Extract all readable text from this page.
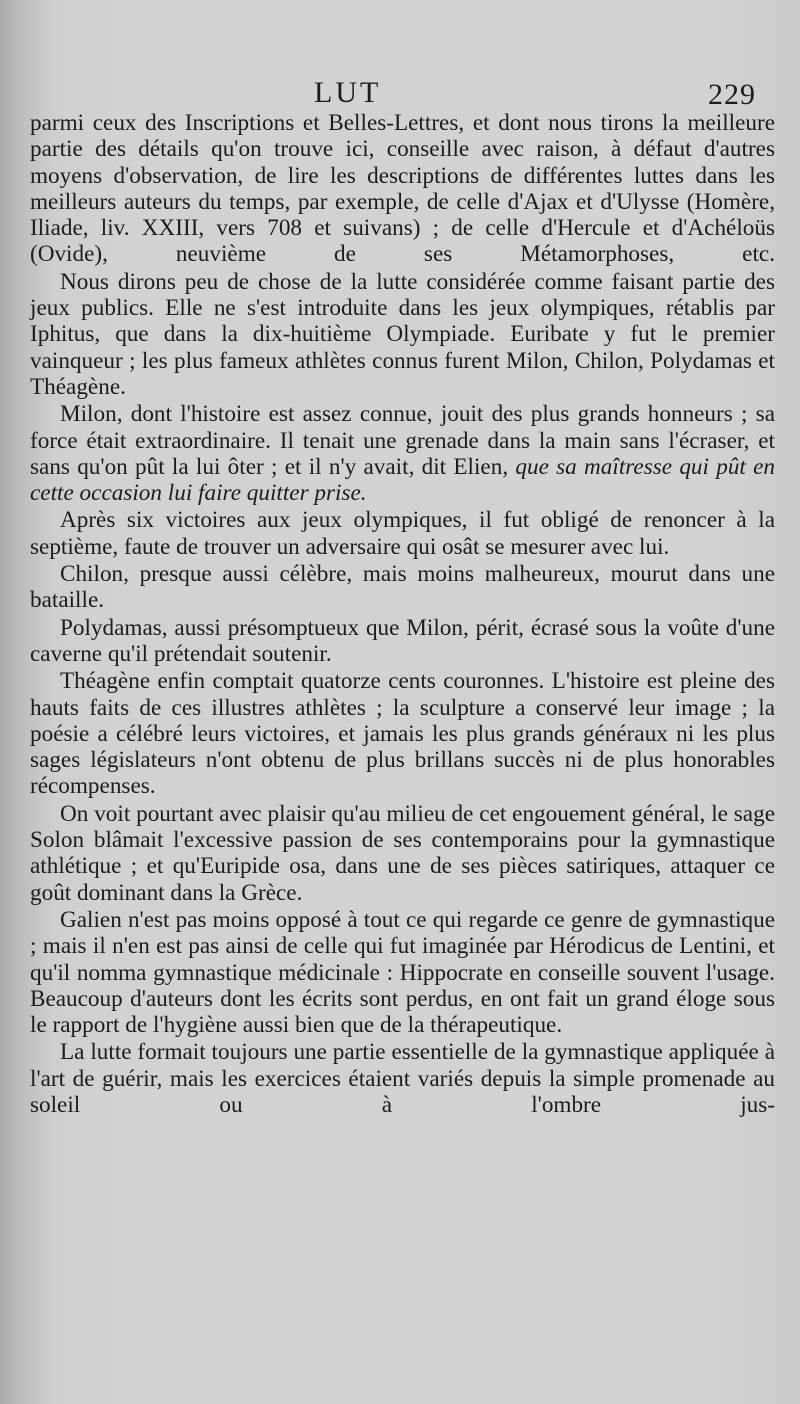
LUT	229

parmi ceux des Inscriptions et Belles-Lettres, et dont nous tirons la meilleure partie des détails qu'on trouve ici, conseille avec raison, à défaut d'autres moyens d'observation, de lire les descriptions de différentes luttes dans les meilleurs auteurs du temps, par exemple, de celle d'Ajax et d'Ulysse (Homère, Iliade, liv. XXIII, vers 708 et suivans) ; de celle d'Hercule et d'Achéloüs (Ovide), neuvième de ses Métamorphoses, etc.

Nous dirons peu de chose de la lutte considérée comme faisant partie des jeux publics. Elle ne s'est introduite dans les jeux olympiques, rétablis par Iphitus, que dans la dix-huitième Olympiade. Euribate y fut le premier vainqueur ; les plus fameux athlètes connus furent Milon, Chilon, Polydamas et Théagène.

Milon, dont l'histoire est assez connue, jouit des plus grands honneurs ; sa force était extraordinaire. Il tenait une grenade dans la main sans l'écraser, et sans qu'on pût la lui ôter ; et il n'y avait, dit Elien, que sa maîtresse qui pût en cette occasion lui faire quitter prise.

Après six victoires aux jeux olympiques, il fut obligé de renoncer à la septième, faute de trouver un adversaire qui osât se mesurer avec lui.

Chilon, presque aussi célèbre, mais moins malheureux, mourut dans une bataille.

Polydamas, aussi présomptueux que Milon, périt, écrasé sous la voûte d'une caverne qu'il prétendait soutenir.

Théagène enfin comptait quatorze cents couronnes. L'histoire est pleine des hauts faits de ces illustres athlètes ; la sculpture a conservé leur image ; la poésie a célébré leurs victoires, et jamais les plus grands généraux ni les plus sages législateurs n'ont obtenu de plus brillans succès ni de plus honorables récompenses.

On voit pourtant avec plaisir qu'au milieu de cet engouement général, le sage Solon blâmait l'excessive passion de ses contemporains pour la gymnastique athlétique ; et qu'Euripide osa, dans une de ses pièces satiriques, attaquer ce goût dominant dans la Grèce.

Galien n'est pas moins opposé à tout ce qui regarde ce genre de gymnastique ; mais il n'en est pas ainsi de celle qui fut imaginée par Hérodicus de Lentini, et qu'il nomma gymnastique médicinale : Hippocrate en conseille souvent l'usage. Beaucoup d'auteurs dont les écrits sont perdus, en ont fait un grand éloge sous le rapport de l'hygiène aussi bien que de la thérapeutique.

La lutte formait toujours une partie essentielle de la gymnastique appliquée à l'art de guérir, mais les exercices étaient variés depuis la simple promenade au soleil ou à l'ombre jus-
